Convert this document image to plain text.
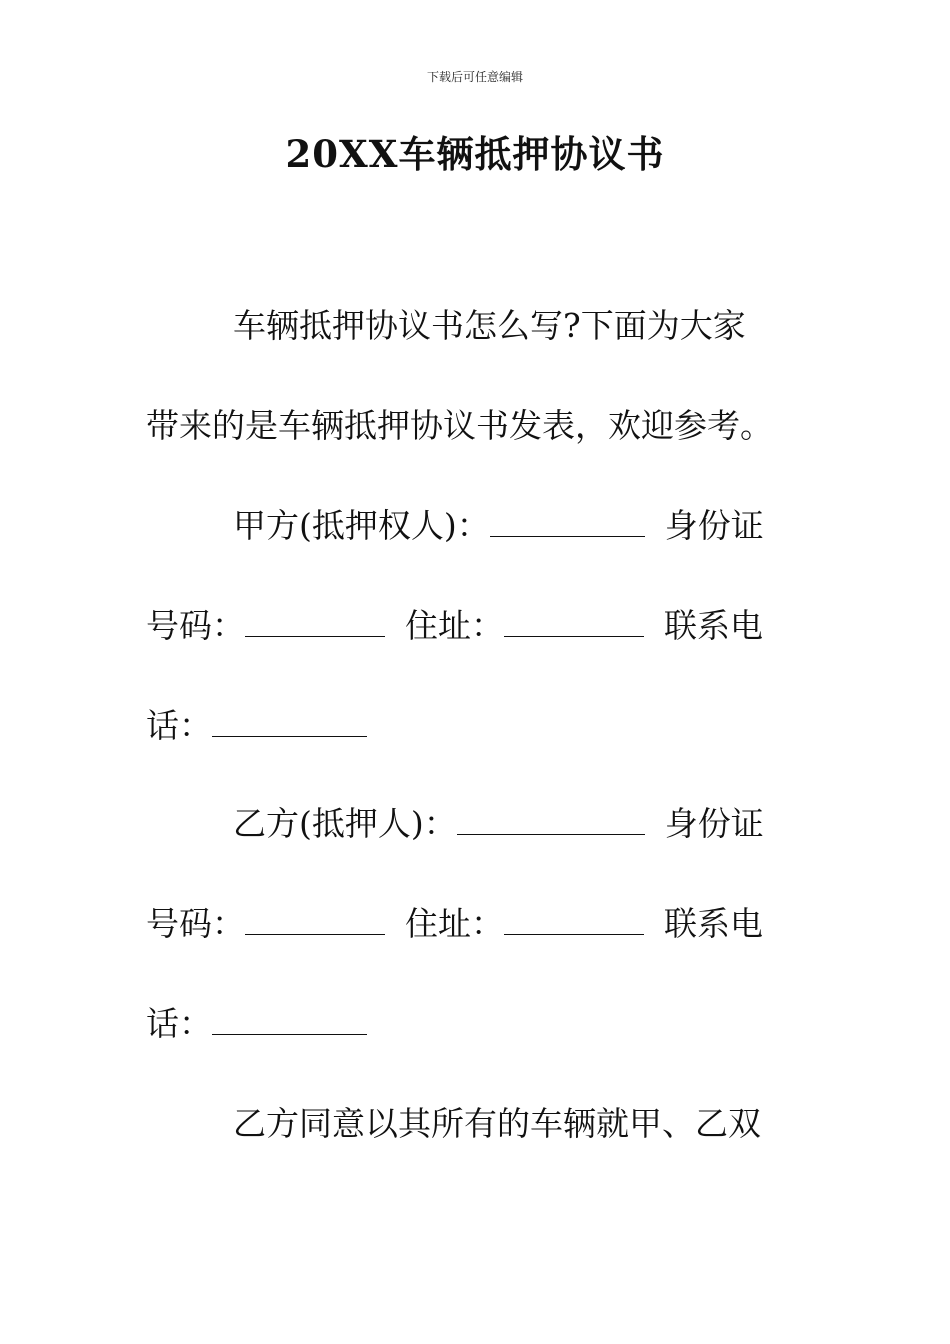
下载后可任意编辑
20XX车辆抵押协议书
车辆抵押协议书怎么写?下面为大家
带来的是车辆抵押协议书发表，欢迎参考。
甲方(抵押权人)：	身份证
号码：	住址：	联系电
话：
乙方(抵押人)：	身份证
号码：	住址：	联系电
话：
乙方同意以其所有的车辆就甲、乙双
